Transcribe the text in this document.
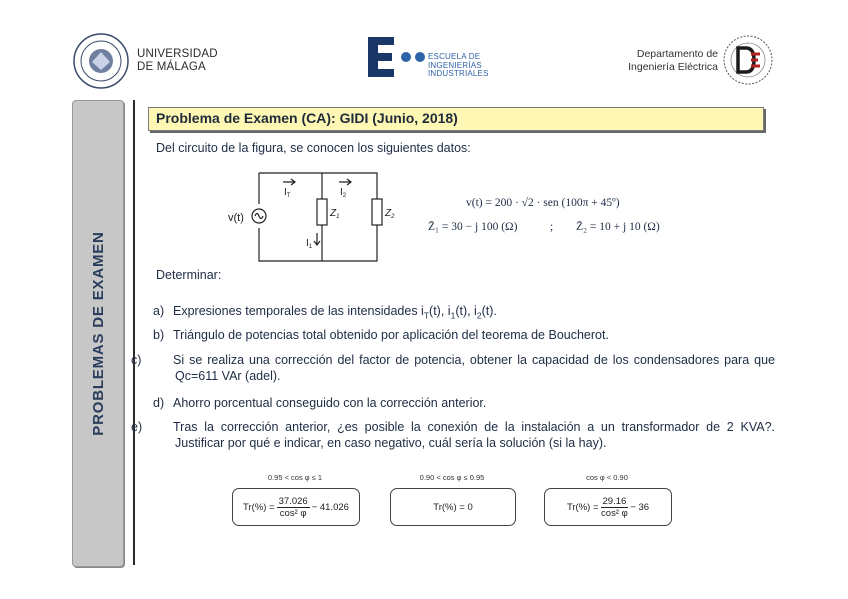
UNIVERSIDAD
DE MÁLAGA
ESCUELA DE
INGENIERÍAS
INDUSTRIALES
Departamento de
Ingeniería Eléctrica
PROBLEMAS DE EXAMEN
Problema de Examen (CA): GIDI (Junio, 2018)
Del circuito de la figura, se conocen los siguientes datos:
v(t)
$I_T$	$I_2$
$I_1$
$Z_1$	$Z_2$
v(t) = 200 · √2 · sen (100π + 45º)
Z̄₁ = 30 − j 100 (Ω)	; Z̄₂ = 10 + j 10 (Ω)
Determinar:
a) Expresiones temporales de las intensidades $i_T(t)$, $i_1(t)$, $i_2(t)$.
b) Triángulo de potencias total obtenido por aplicación del teorema de Boucherot.
c)	Si se realiza una corrección del factor de potencia, obtener la capacidad de los condensadores para que Qc=611 VAr (adel).
d) Ahorro porcentual conseguido con la corrección anterior.
e) Tras la corrección anterior, ¿es posible la conexión de la instalación a un transformador de 2 KVA?. Justificar por qué e indicar, en caso negativo, cuál sería la solución (si la hay).
0.95 < cos φ ≤ 1
$Tr(\%) = \frac{37.026}{\text{cos² φ}} - 41.026$
0.90 < cos φ ≤ 0.95
Tr(%) = 0
cos φ < 0.90
$Tr(\%) = \frac{29.16}{\text{cos² φ}} - 36$
